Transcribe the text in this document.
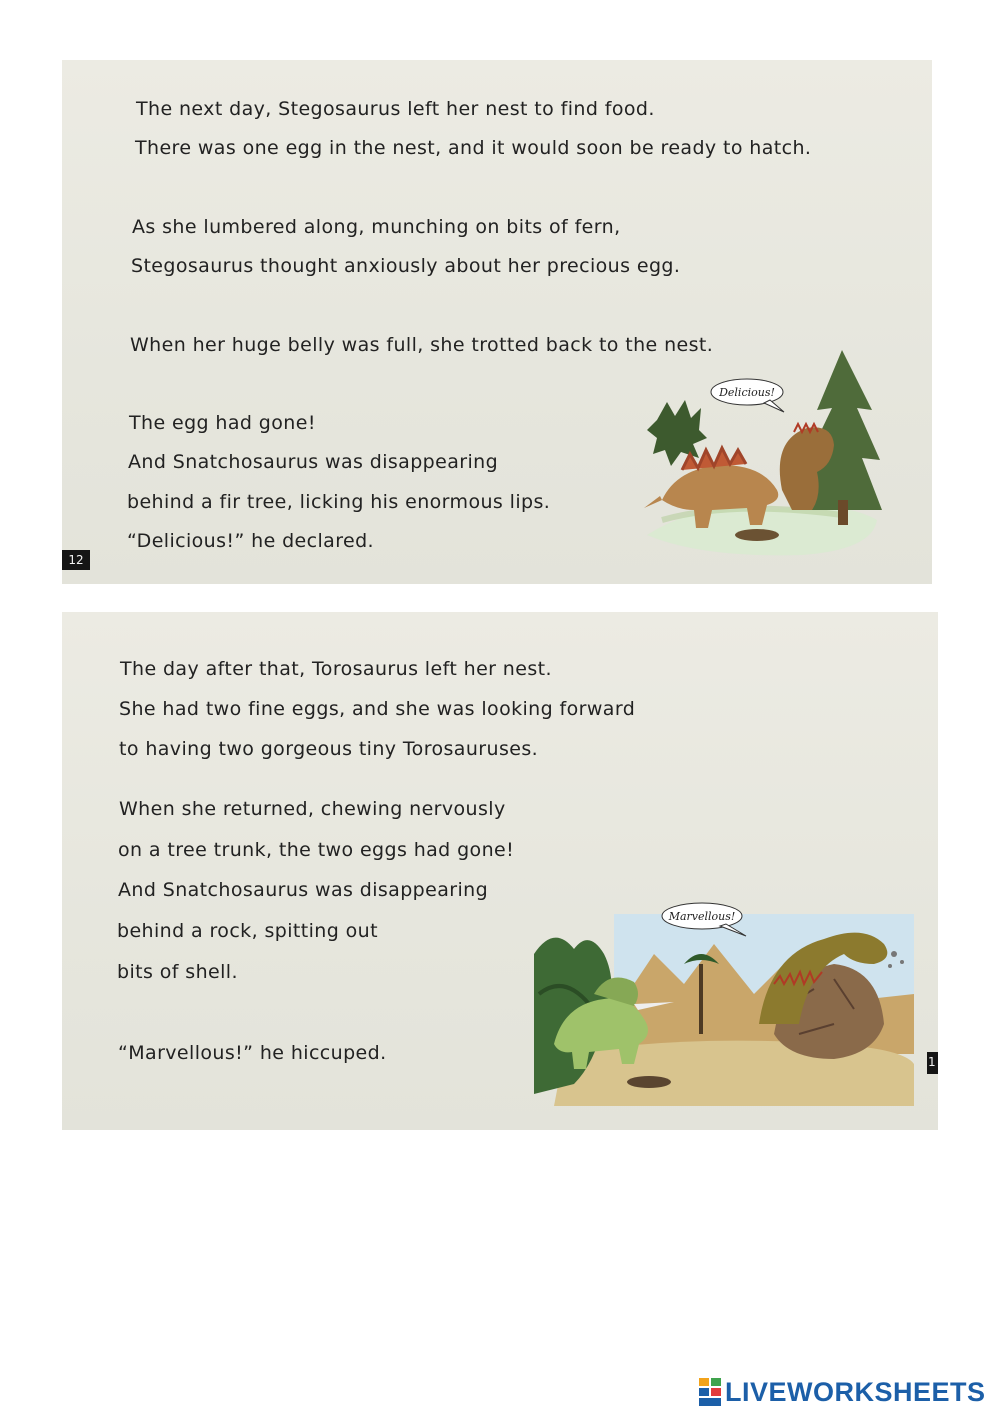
The next day, Stegosaurus left her nest to find food.

There was one egg in the nest, and it would soon be ready to hatch.

As she lumbered along, munching on bits of fern,

Stegosaurus thought anxiously about her precious egg.

When her huge belly was full, she trotted back to the nest.

The egg had gone!

And Snatchosaurus was disappearing

behind a fir tree, licking his enormous lips.

“Delicious!” he declared.

Delicious!
12

The day after that, Torosaurus left her nest.

She had two fine eggs, and she was looking forward

to having two gorgeous tiny Torosauruses.

When she returned, chewing nervously

on a tree trunk, the two eggs had gone!

And Snatchosaurus was disappearing

behind a rock, spitting out

bits of shell.

“Marvellous!” he hiccuped.

Marvellous!
1
LIVEWORKSHEETS
